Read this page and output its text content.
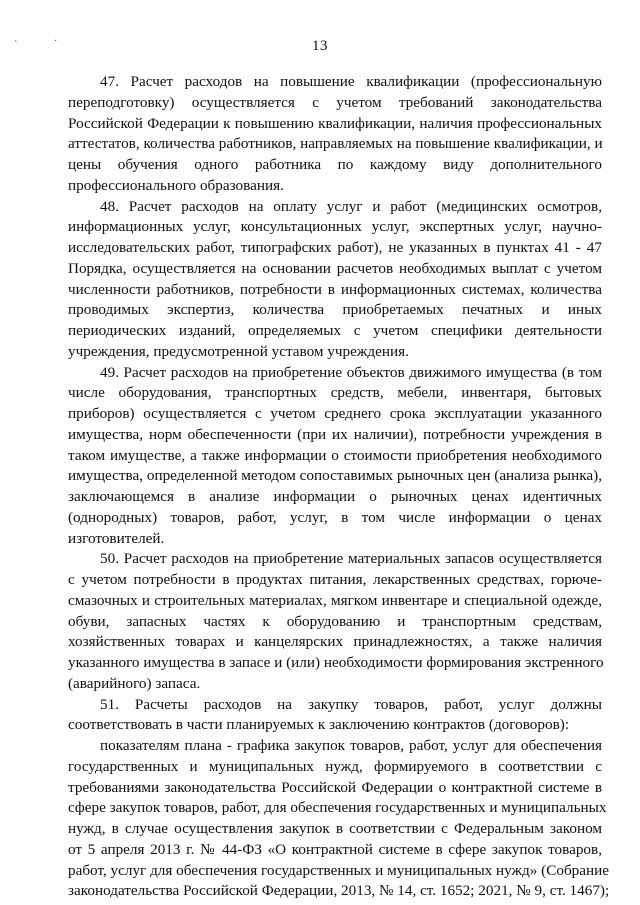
ˋ	·	13
47. Расчет расходов на повышение квалификации (профессиональную
переподготовку) осуществляется с учетом требований законодательства
Российской Федерации к повышению квалификации, наличия профессиональных
аттестатов, количества работников, направляемых на повышение квалификации, и
цены обучения одного работника по каждому виду дополнительного
профессионального образования.
48. Расчет расходов на оплату услуг и работ (медицинских осмотров,
информационных услуг, консультационных услуг, экспертных услуг, научно-
исследовательских работ, типографских работ), не указанных в пунктах 41 - 47
Порядка, осуществляется на основании расчетов необходимых выплат с учетом
численности работников, потребности в информационных системах, количества
проводимых экспертиз, количества приобретаемых печатных и иных
периодических изданий, определяемых с учетом специфики деятельности
учреждения, предусмотренной уставом учреждения.
49. Расчет расходов на приобретение объектов движимого имущества (в том
числе оборудования, транспортных средств, мебели, инвентаря, бытовых
приборов) осуществляется с учетом среднего срока эксплуатации указанного
имущества, норм обеспеченности (при их наличии), потребности учреждения в
таком имуществе, а также информации о стоимости приобретения необходимого
имущества, определенной методом сопоставимых рыночных цен (анализа рынка),
заключающемся в анализе информации о рыночных ценах идентичных
(однородных) товаров, работ, услуг, в том числе информации о ценах
изготовителей.
50. Расчет расходов на приобретение материальных запасов осуществляется
с учетом потребности в продуктах питания, лекарственных средствах, горюче-
смазочных и строительных материалах, мягком инвентаре и специальной одежде,
обуви, запасных частях к оборудованию и транспортным средствам,
хозяйственных товарах и канцелярских принадлежностях, а также наличия
указанного имущества в запасе и (или) необходимости формирования экстренного
(аварийного) запаса.
51. Расчеты расходов на закупку товаров, работ, услуг должны
соответствовать в части планируемых к заключению контрактов (договоров):
показателям плана - графика закупок товаров, работ, услуг для обеспечения
государственных и муниципальных нужд, формируемого в соответствии с
требованиями законодательства Российской Федерации о контрактной системе в
сфере закупок товаров, работ, для обеспечения государственных и муниципальных
нужд, в случае осуществления закупок в соответствии с Федеральным законом
от 5 апреля 2013 г. № 44-ФЗ «О контрактной системе в сфере закупок товаров,
работ, услуг для обеспечения государственных и муниципальных нужд» (Собрание
законодательства Российской Федерации, 2013, № 14, ст. 1652; 2021, № 9, ст. 1467);
